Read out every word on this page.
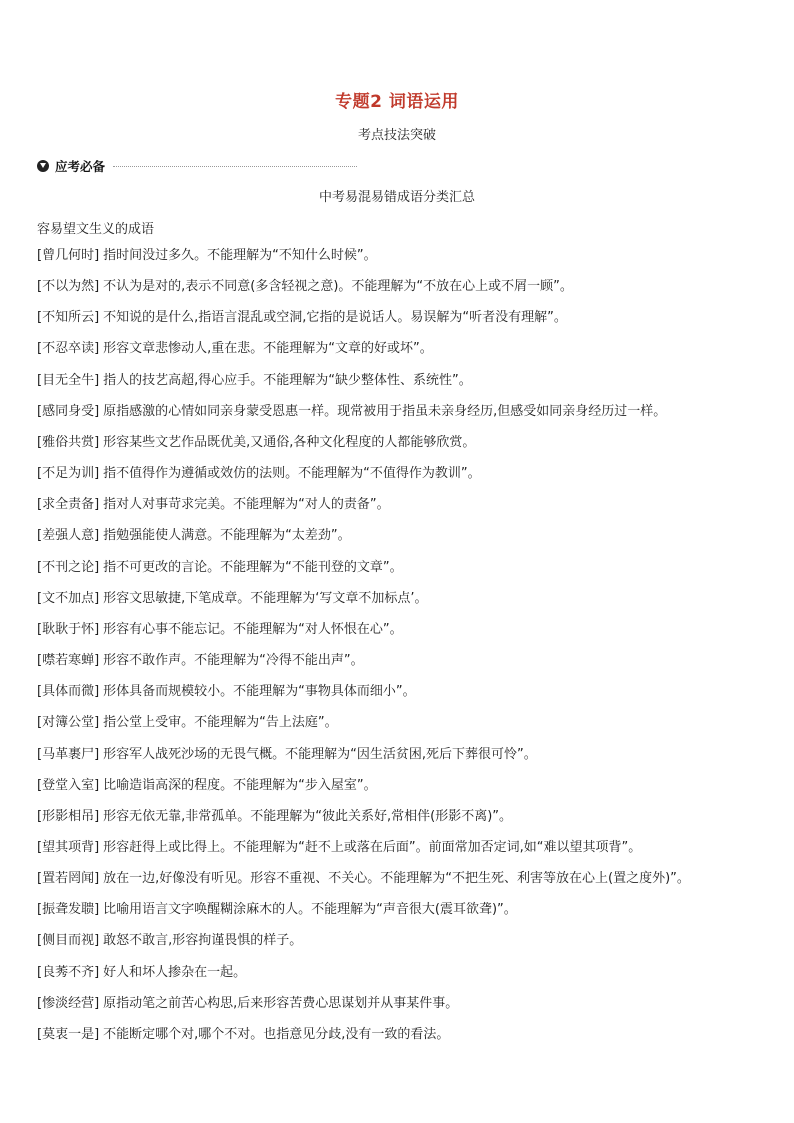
专题2 词语运用
考点技法突破
应考必备
中考易混易错成语分类汇总
容易望文生义的成语
[曾几何时] 指时间没过多久。不能理解为“不知什么时候”。
[不以为然] 不认为是对的,表示不同意(多含轻视之意)。不能理解为“不放在心上或不屑一顾”。
[不知所云] 不知说的是什么,指语言混乱或空洞,它指的是说话人。易误解为“听者没有理解”。
[不忍卒读] 形容文章悲惨动人,重在悲。不能理解为“文章的好或坏”。
[目无全牛] 指人的技艺高超,得心应手。不能理解为“缺少整体性、系统性”。
[感同身受] 原指感激的心情如同亲身蒙受恩惠一样。现常被用于指虽未亲身经历,但感受如同亲身经历过一样。
[雅俗共赏] 形容某些文艺作品既优美,又通俗,各种文化程度的人都能够欣赏。
[不足为训] 指不值得作为遵循或效仿的法则。不能理解为“不值得作为教训”。
[求全责备] 指对人对事苛求完美。不能理解为“对人的责备”。
[差强人意] 指勉强能使人满意。不能理解为“太差劲”。
[不刊之论] 指不可更改的言论。不能理解为“不能刊登的文章”。
[文不加点] 形容文思敏捷,下笔成章。不能理解为‘写文章不加标点’。
[耿耿于怀] 形容有心事不能忘记。不能理解为“对人怀恨在心”。
[噤若寒蝉] 形容不敢作声。不能理解为“冷得不能出声”。
[具体而微] 形体具备而规模较小。不能理解为“事物具体而细小”。
[对簿公堂] 指公堂上受审。不能理解为“告上法庭”。
[马革裹尸] 形容军人战死沙场的无畏气概。不能理解为“因生活贫困,死后下葬很可怜”。
[登堂入室] 比喻造诣高深的程度。不能理解为“步入屋室”。
[形影相吊] 形容无依无靠,非常孤单。不能理解为“彼此关系好,常相伴(形影不离)”。
[望其项背] 形容赶得上或比得上。不能理解为“赶不上或落在后面”。前面常加否定词,如“难以望其项背”。
[置若罔闻] 放在一边,好像没有听见。形容不重视、不关心。不能理解为“不把生死、利害等放在心上(置之度外)”。
[振聋发聩] 比喻用语言文字唤醒糊涂麻木的人。不能理解为“声音很大(震耳欲聋)”。
[侧目而视] 敢怒不敢言,形容拘谨畏惧的样子。
[良莠不齐] 好人和坏人掺杂在一起。
[惨淡经营] 原指动笔之前苦心构思,后来形容苦费心思谋划并从事某件事。
[莫衷一是] 不能断定哪个对,哪个不对。也指意见分歧,没有一致的看法。
